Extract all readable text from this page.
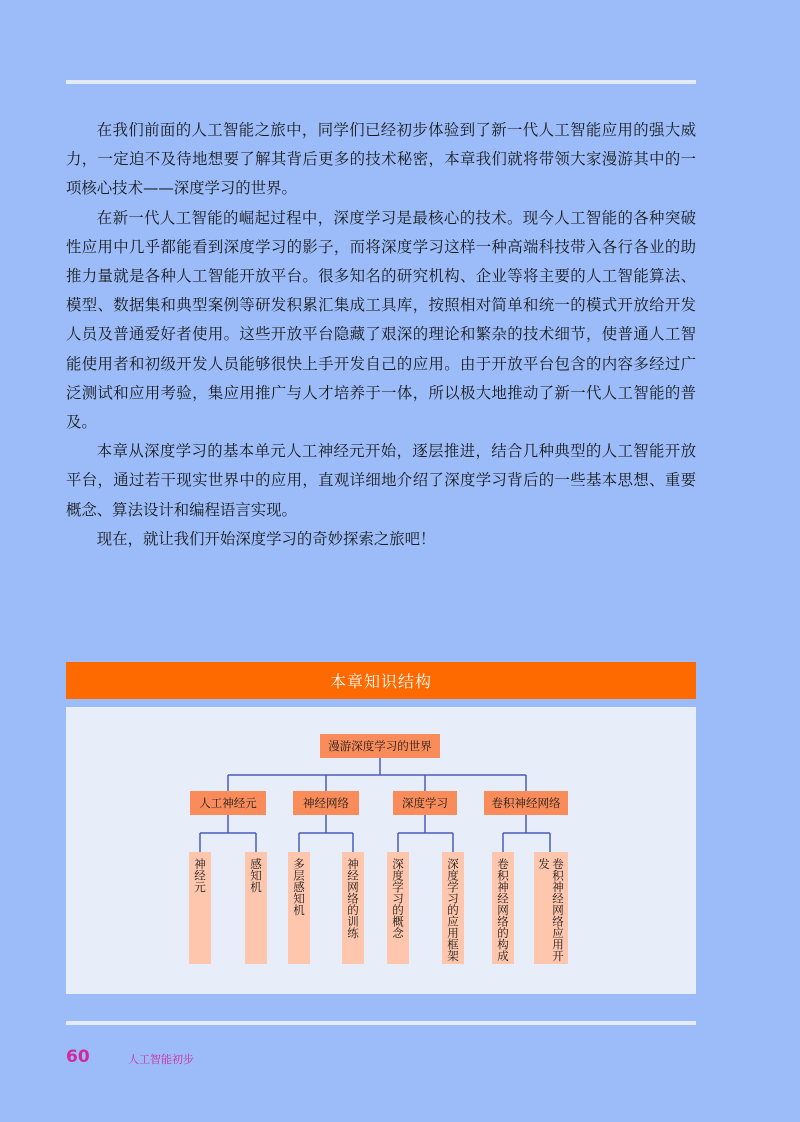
在我们前面的人工智能之旅中，同学们已经初步体验到了新一代人工智能应用的强大威力，一定迫不及待地想要了解其背后更多的技术秘密，本章我们就将带领大家漫游其中的一项核心技术——深度学习的世界。

在新一代人工智能的崛起过程中，深度学习是最核心的技术。现今人工智能的各种突破性应用中几乎都能看到深度学习的影子，而将深度学习这样一种高端科技带入各行各业的助推力量就是各种人工智能开放平台。很多知名的研究机构、企业等将主要的人工智能算法、模型、数据集和典型案例等研发积累汇集成工具库，按照相对简单和统一的模式开放给开发人员及普通爱好者使用。这些开放平台隐藏了艰深的理论和繁杂的技术细节，使普通人工智能使用者和初级开发人员能够很快上手开发自己的应用。由于开放平台包含的内容多经过广泛测试和应用考验，集应用推广与人才培养于一体，所以极大地推动了新一代人工智能的普及。

本章从深度学习的基本单元人工神经元开始，逐层推进，结合几种典型的人工智能开放平台，通过若干现实世界中的应用，直观详细地介绍了深度学习背后的一些基本思想、重要概念、算法设计和编程语言实现。

现在，就让我们开始深度学习的奇妙探索之旅吧！

本章知识结构
漫游深度学习的世界
人工神经元	神经网络	深度学习	卷积神经网络
神经元	感知机	多层感知机	神经网络的训练	深度学习的概念	深度学习的应用框架	卷积神经网络的构成	卷积神经网络应用开发
60	人工智能初步
